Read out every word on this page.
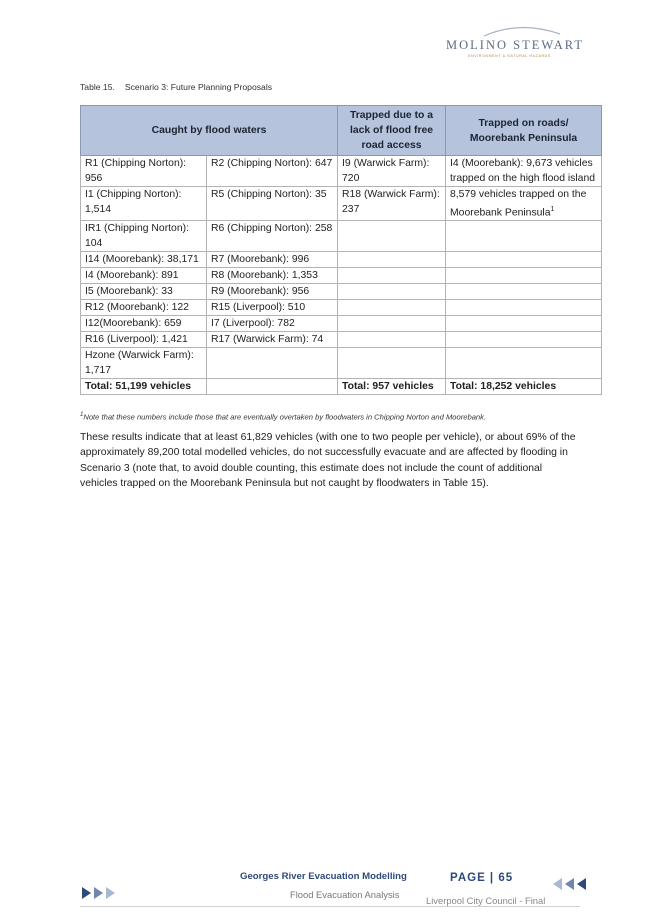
MOLINO STEWART
ENVIRONMENT & NATURAL HAZARDS
Table 15. Scenario 3: Future Planning Proposals
Caught by flood waters		Trapped due to a lack of flood free road access	Trapped on roads/ Moorebank Peninsula
R1 (Chipping Norton): 956	R2 (Chipping Norton): 647	I9 (Warwick Farm): 720	I4 (Moorebank): 9,673 vehicles trapped on the high flood island
I1 (Chipping Norton): 1,514	R5 (Chipping Norton): 35	R18 (Warwick Farm): 237	8,579 vehicles trapped on the Moorebank Peninsula$^1$
IR1 (Chipping Norton): 104	R6 (Chipping Norton): 258		
I14 (Moorebank): 38,171	R7 (Moorebank): 996		
I4 (Moorebank): 891	R8 (Moorebank): 1,353		
I5 (Moorebank): 33	R9 (Moorebank): 956		
R12 (Moorebank): 122	R15 (Liverpool): 510		
I12(Moorebank): 659	I7 (Liverpool): 782		
R16 (Liverpool): 1,421	R17 (Warwick Farm): 74		
Hzone (Warwick Farm): 1,717			
Total: 51,199 vehicles		Total: 957 vehicles	Total: 18,252 vehicles
$^1$Note that these numbers include those that are eventually overtaken by floodwaters in Chipping Norton and Moorebank.

These results indicate that at least 61,829 vehicles (with one to two people per vehicle), or about 69% of the approximately 89,200 total modelled vehicles, do not successfully evacuate and are affected by flooding in Scenario 3 (note that, to avoid double counting, this estimate does not include the count of additional vehicles trapped on the Moorebank Peninsula but not caught by floodwaters in Table 15).

Georges River Evacuation Modelling
Flood Evacuation Analysis
PAGE | 65
Liverpool City Council - Final
